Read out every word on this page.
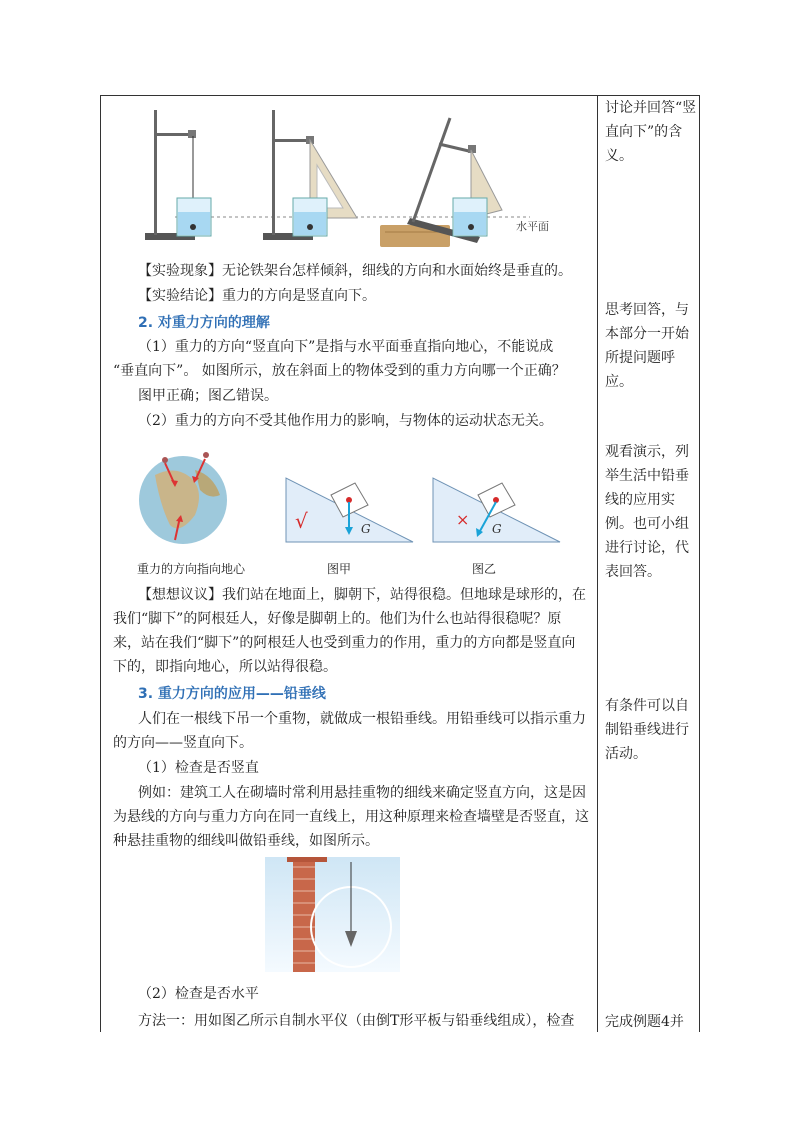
水平面
【实验现象】无论铁架台怎样倾斜，细线的方向和水面始终是垂直的。
【实验结论】重力的方向是竖直向下。
2. 对重力方向的理解
（1）重力的方向“竖直向下”是指与水平面垂直指向地心，不能说成
“垂直向下”。 如图所示，放在斜面上的物体受到的重力方向哪一个正确？
图甲正确；图乙错误。
（2）重力的方向不受其他作用力的影响，与物体的运动状态无关。
重力的方向指向地心
√	G
图甲
× G
图乙
【想想议议】我们站在地面上，脚朝下，站得很稳。但地球是球形的，在
我们“脚下”的阿根廷人，好像是脚朝上的。他们为什么也站得很稳呢？原
来，站在我们“脚下”的阿根廷人也受到重力的作用，重力的方向都是竖直向
下的，即指向地心，所以站得很稳。
3. 重力方向的应用——铅垂线
人们在一根线下吊一个重物，就做成一根铅垂线。用铅垂线可以指示重力
的方向——竖直向下。
（1）检查是否竖直
例如：建筑工人在砌墙时常利用悬挂重物的细线来确定竖直方向，这是因
为悬线的方向与重力方向在同一直线上，用这种原理来检查墙壁是否竖直，这
种悬挂重物的细线叫做铅垂线，如图所示。
（2）检查是否水平
方法一：用如图乙所示自制水平仪（由倒T形平板与铅垂线组成），检查
讨论并回答“竖直向下”的含义。
思考回答，与本部分一开始所提问题呼应。
观看演示，列举生活中铅垂线的应用实例。也可小组进行讨论，代表回答。
有条件可以自制铅垂线进行活动。
完成例题4并
